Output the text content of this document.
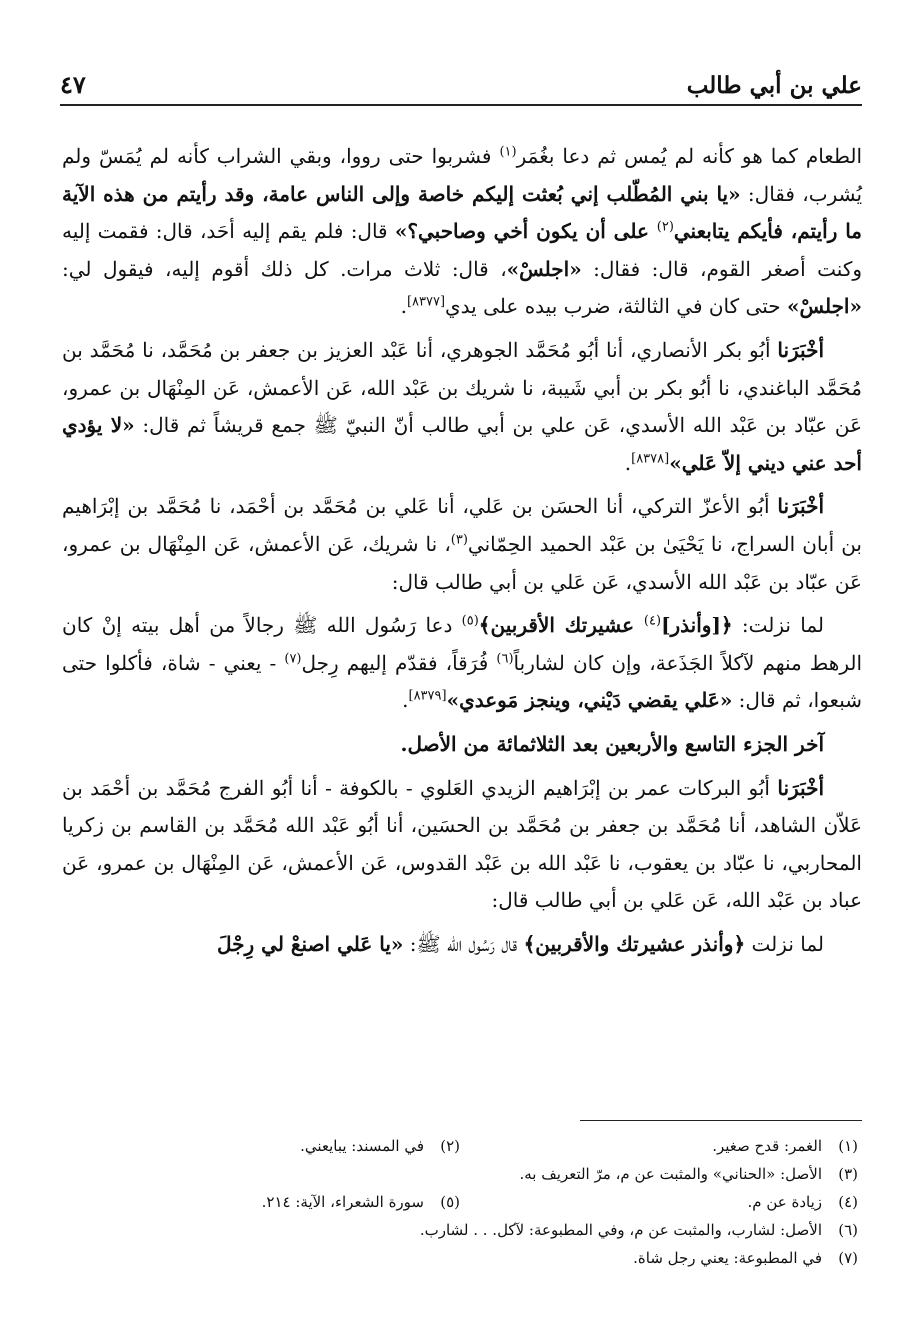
علي بن أبي طالب
٤٧

الطعام كما هو كأنه لم يُمس ثم دعا بغُمَر$^{(١)}$ فشربوا حتى رووا، وبقي الشراب كأنه لم يُمَسّ ولم يُشرب، فقال: «يا بني المُطّلب إني بُعثت إليكم خاصة وإلى الناس عامة، وقد رأيتم من هذه الآية ما رأيتم، فأيكم يتابعني$^{(٢)}$ على أن يكون أخي وصاحبي؟» قال: فلم يقم إليه أحَد، قال: فقمت إليه وكنت أصغر القوم، قال: فقال: «اجلسْ»، قال: ثلاث مرات. كل ذلك أقوم إليه، فيقول لي: «اجلسْ» حتى كان في الثالثة، ضرب بيده على يدي[٨٣٧٧].

أخْبَرَنا أبُو بكر الأنصاري، أنا أبُو مُحَمَّد الجوهري، أنا عَبْد العزيز بن جعفر بن مُحَمَّد، نا مُحَمَّد بن مُحَمَّد الباغندي، نا أبُو بكر بن أبي شَيبة، نا شريك بن عَبْد الله، عَن الأعمش، عَن المِنْهَال بن عمرو، عَن عبّاد بن عَبْد الله الأسدي، عَن علي بن أبي طالب أنّ النبيّ ﷺ جمع قريشاً ثم قال: «لا يؤدي أحد عني ديني إلاّ عَلي»[٨٣٧٨].

أخْبَرَنا أبُو الأعزّ التركي، أنا الحسَن بن عَلي، أنا عَلي بن مُحَمَّد بن أحْمَد، نا مُحَمَّد بن إبْرَاهيم بن أبان السراج، نا يَحْيَىٰ بن عَبْد الحميد الحِمّاني$^{(٣)}$، نا شريك، عَن الأعمش، عَن المِنْهَال بن عمرو، عَن عبّاد بن عَبْد الله الأسدي، عَن عَلي بن أبي طالب قال:

لما نزلت: ﴿[وأنذر]$^{(٤)}$ عشيرتك الأقربين﴾$^{(٥)}$ دعا رَسُول الله ﷺ رجالاً من أهل بيته إنْ كان الرهط منهم لآكلاً الجَذَعة، وإن كان لشارباً$^{(٦)}$ فُرَقاً، فقدّم إليهم رِجل$^{(٧)}$ - يعني - شاة، فأكلوا حتى شبعوا، ثم قال: «عَلي يقضي دَيْني، وينجز مَوعدي»[٨٣٧٩].

آخر الجزء التاسع والأربعين بعد الثلاثمائة من الأصل.

أخْبَرَنا أبُو البركات عمر بن إبْرَاهيم الزيدي العَلوي - بالكوفة - أنا أبُو الفرج مُحَمَّد بن أحْمَد بن عَلاّن الشاهد، أنا مُحَمَّد بن جعفر بن مُحَمَّد بن الحسَين، أنا أبُو عَبْد الله مُحَمَّد بن القاسم بن زكريا المحاربي، نا عبّاد بن يعقوب، نا عَبْد الله بن عَبْد القدوس، عَن الأعمش، عَن المِنْهَال بن عمرو، عَن عباد بن عَبْد الله، عَن عَلي بن أبي طالب قال:

لما نزلت ﴿وأنذر عشيرتك والأقربين﴾ قال رَسُول الله ﷺ: «يا عَلي اصنعْ لي رِجْلَ

(١)الغمر: قدح صغير.
(٢)في المسند: يبايعني.
(٣)الأصل: «الحناني» والمثبت عن م، مرّ التعريف به.
(٤)زيادة عن م.
(٥)سورة الشعراء، الآية: ٢١٤.
(٦)الأصل: لشارب، والمثبت عن م، وفي المطبوعة: لآكل. . . لشارب.
(٧)في المطبوعة: يعني رجل شاة.
